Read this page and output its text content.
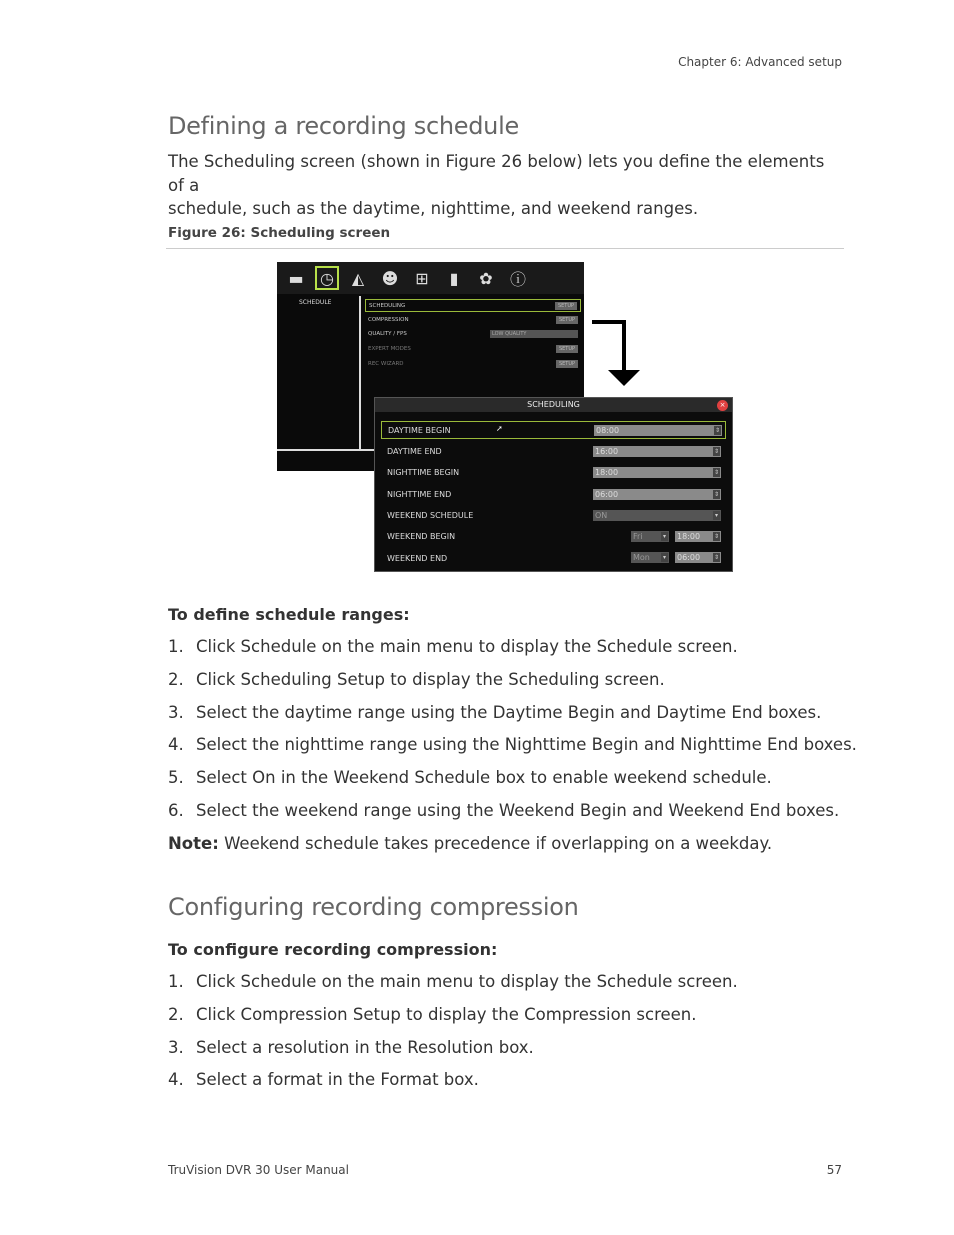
Chapter 6: Advanced setup
Defining a recording schedule

The Scheduling screen (shown in Figure 26 below) lets you define the elements of a
schedule, such as the daytime, nighttime, and weekend ranges.

Figure 26: Scheduling screen
▬	◷	◭	☻	⊞	▮	✿	ⓘ
SCHEDULE	SCHEDULING	SETUP
COMPRESSION	SETUP
QUALITY / FPS	LOW QUALITY
EXPERT MODES	SETUP
REC WIZARD	SETUP
SCHEDULING	×
DAYTIME BEGIN	➚	08:00	⇕
DAYTIME END	16:00	⇕
NIGHTTIME BEGIN	18:00	⇕
NIGHTTIME END	06:00	⇕
WEEKEND SCHEDULE	ON	▾
WEEKEND BEGIN	Fri	▾ 18:00 ⇕
WEEKEND END	Mon	▾ 06:00 ⇕
To define schedule ranges:
1. Click Schedule on the main menu to display the Schedule screen.
2. Click Scheduling Setup to display the Scheduling screen.
3. Select the daytime range using the Daytime Begin and Daytime End boxes.
4. Select the nighttime range using the Nighttime Begin and Nighttime End boxes.
5. Select On in the Weekend Schedule box to enable weekend schedule.
6. Select the weekend range using the Weekend Begin and Weekend End boxes.
Note: Weekend schedule takes precedence if overlapping on a weekday.
Configuring recording compression
To configure recording compression:
1. Click Schedule on the main menu to display the Schedule screen.
2. Click Compression Setup to display the Compression screen.
3. Select a resolution in the Resolution box.
4. Select a format in the Format box.
TruVision DVR 30 User Manual	57
